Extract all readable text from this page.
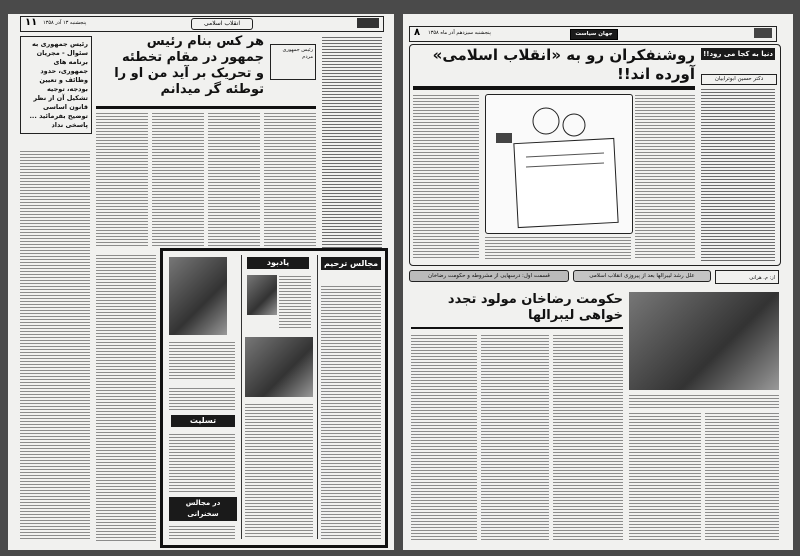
۱۱ پنجشنبه ۱۳ آذر ۱۳۵۸	انقلاب اسلامی
رئیس جمهوری به سئوال - مجریان برنامه های جمهوری، حدود وظائف و تعیین بودجه، توجیه تشکیل آن از نظر قانون اساسی توضیح بفرمائید ... پاسخی نداد
هر کس بنام رئیس جمهور در مقام تخطئه
و تحریک بر آید من او را توطئه گر میدانم
رئیس جمهوری مردم
تسلیت
در مجالس سخنرانی
یادبود	مجالس ترحیم
۸ پنجشنبه سیزدهم آذر ماه ۱۳۵۸	جهان سیاست
روشنفکران رو به «انقلاب اسلامی» آورده اند!!
دنیا به کجا می رود!!
دکتر حسین ابوترابیان
قسمت اول: درسهایی از مشروطه و حکومت رضاخان	علل رشد لیبرالها بعد از پیروزی انقلاب اسلامی	از: م. هراتی
حکومت رضاخان مولود تجدد خواهی لیبرالها
